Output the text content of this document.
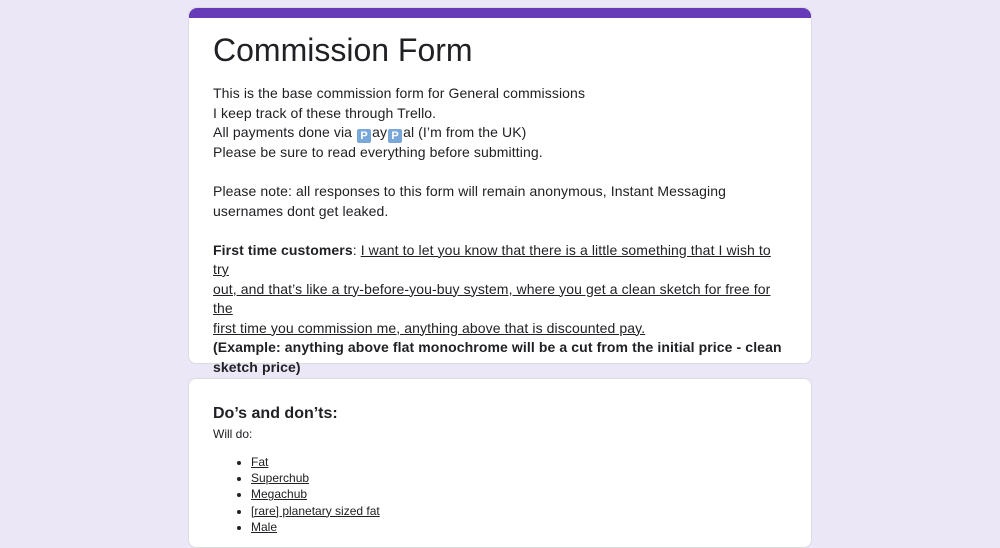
Commission Form
This is the base commission form for General commissions
I keep track of these through Trello.
All payments done via P ay P al (I’m from the UK)
Please be sure to read everything before submitting.
Please note: all responses to this form will remain anonymous, Instant Messaging
usernames dont get leaked.
First time customers: I want to let you know that there is a little something that I wish to try
out, and that’s like a try-before-you-buy system, where you get a clean sketch for free for the
first time you commission me, anything above that is discounted pay.
(Example: anything above flat monochrome will be a cut from the initial price - clean
sketch price)
Do’s and don’ts:
Will do:
• Fat
• Superchub
• Megachub
• [rare] planetary sized fat
• Male
